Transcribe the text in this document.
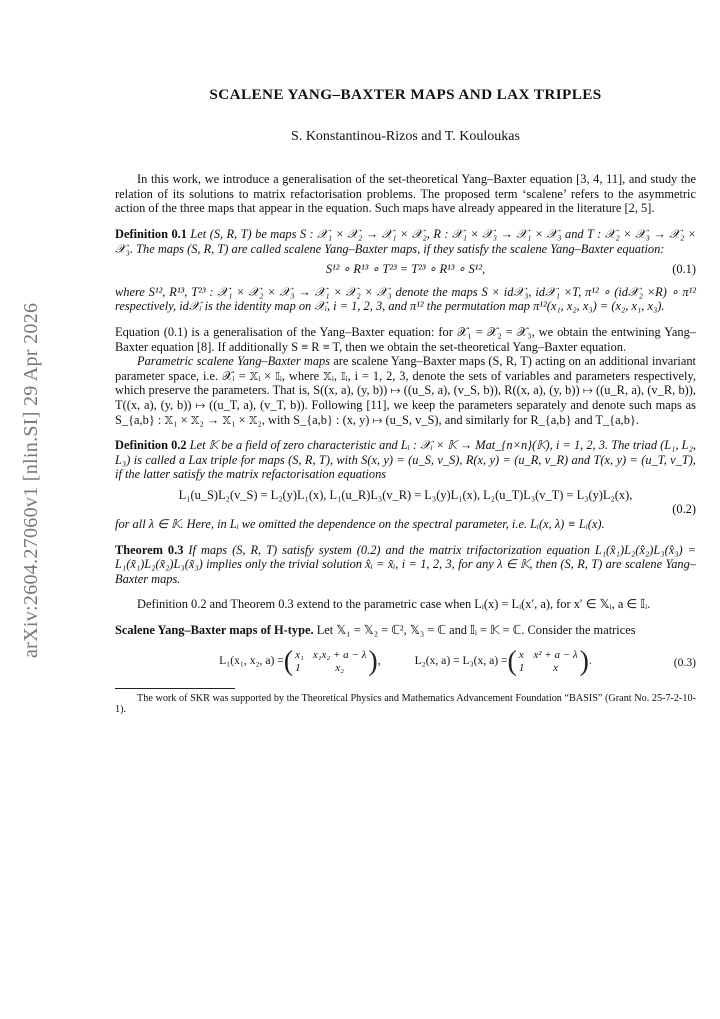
arXiv:2604.27060v1 [nlin.SI] 29 Apr 2026
SCALENE YANG–BAXTER MAPS AND LAX TRIPLES
S. Konstantinou-Rizos and T. Kouloukas
In this work, we introduce a generalisation of the set-theoretical Yang–Baxter equation [3, 4, 11], and study the relation of its solutions to matrix refactorisation problems. The proposed term ‘scalene’ refers to the asymmetric action of the three maps that appear in the equation. Such maps have already appeared in the literature [2, 5].
Definition 0.1 Let (S, R, T) be maps S : 𝒳₁ × 𝒳₂ → 𝒳₁ × 𝒳₂, R : 𝒳₁ × 𝒳₃ → 𝒳₁ × 𝒳₃ and T : 𝒳₂ × 𝒳₃ → 𝒳₂ × 𝒳₃. The maps (S, R, T) are called scalene Yang–Baxter maps, if they satisfy the scalene Yang–Baxter equation:
S¹² ∘ R¹³ ∘ T²³ = T²³ ∘ R¹³ ∘ S¹²,	(0.1)
where S¹², R¹³, T²³ : 𝒳₁ × 𝒳₂ × 𝒳₃ → 𝒳₁ × 𝒳₂ × 𝒳₃ denote the maps S × id𝒳₃, id𝒳₁ ×T, π¹² ∘ (id𝒳₂ ×R) ∘ π¹² respectively, id𝒳ᵢ is the identity map on 𝒳ᵢ, i = 1, 2, 3, and π¹² the permutation map π¹²(x₁, x₂, x₃) = (x₂, x₁, x₃).
Equation (0.1) is a generalisation of the Yang–Baxter equation: for 𝒳₁ = 𝒳₂ = 𝒳₃, we obtain the entwining Yang–Baxter equation [8]. If additionally S ≡ R ≡ T, then we obtain the set-theoretical Yang–Baxter equation.
Parametric scalene Yang–Baxter maps are scalene Yang–Baxter maps (S, R, T) acting on an additional invariant parameter space, i.e. 𝒳ᵢ = 𝕏ᵢ × 𝕀ᵢ, where 𝕏ᵢ, 𝕀ᵢ, i = 1, 2, 3, denote the sets of variables and parameters respectively, which preserve the parameters. That is, S((x, a), (y, b)) ↦ ((u_S, a), (v_S, b)), R((x, a), (y, b)) ↦ ((u_R, a), (v_R, b)), T((x, a), (y, b)) ↦ ((u_T, a), (v_T, b)). Following [11], we keep the parameters separately and denote such maps as S_{a,b} : 𝕏₁ × 𝕏₂ → 𝕏₁ × 𝕏₂, with S_{a,b} : (x, y) ↦ (u_S, v_S), and similarly for R_{a,b} and T_{a,b}.
Definition 0.2 Let 𝕂 be a field of zero characteristic and Lᵢ : 𝒳ᵢ × 𝕂 → Mat_{n×n}(𝕂), i = 1, 2, 3. The triad (L₁, L₂, L₃) is called a Lax triple for maps (S, R, T), with S(x, y) = (u_S, v_S), R(x, y) = (u_R, v_R) and T(x, y) = (u_T, v_T), if the latter satisfy the matrix refactorisation equations
L₁(u_S)L₂(v_S) = L₂(y)L₁(x), L₁(u_R)L₃(v_R) = L₃(y)L₁(x), L₂(u_T)L₃(v_T) = L₃(y)L₂(x),
(0.2)
for all λ ∈ 𝕂. Here, in Lᵢ we omitted the dependence on the spectral parameter, i.e. Lᵢ(x, λ) ≡ Lᵢ(x).
Theorem 0.3 If maps (S, R, T) satisfy system (0.2) and the matrix trifactorization equation L₁(x̂₁)L₂(x̂₂)L₃(x̂₃) = L₁(x̃₁)L₂(x̃₂)L₃(x̃₃) implies only the trivial solution x̂ᵢ = x̃ᵢ, i = 1, 2, 3, for any λ ∈ 𝕂, then (S, R, T) are scalene Yang–Baxter maps.
Definition 0.2 and Theorem 0.3 extend to the parametric case when Lᵢ(x) = Lᵢ(x′, a), for x′ ∈ 𝕏ᵢ, a ∈ 𝕀ᵢ.
Scalene Yang–Baxter maps of H-type. Let 𝕏₁ = 𝕏₂ = ℂ², 𝕏₃ = ℂ and 𝕀ᵢ = 𝕂 = ℂ. Consider the matrices
L₁(x₁, x₂, a) = ( x₁ x₁x₂ + a − λ
1	x₂ ) ,	L₂(x, a) = L₃(x, a) = ( x x² + a − λ
1	x ) .	(0.3)
The work of SKR was supported by the Theoretical Physics and Mathematics Advancement Foundation “BASIS” (Grant No. 25-7-2-10-1).
